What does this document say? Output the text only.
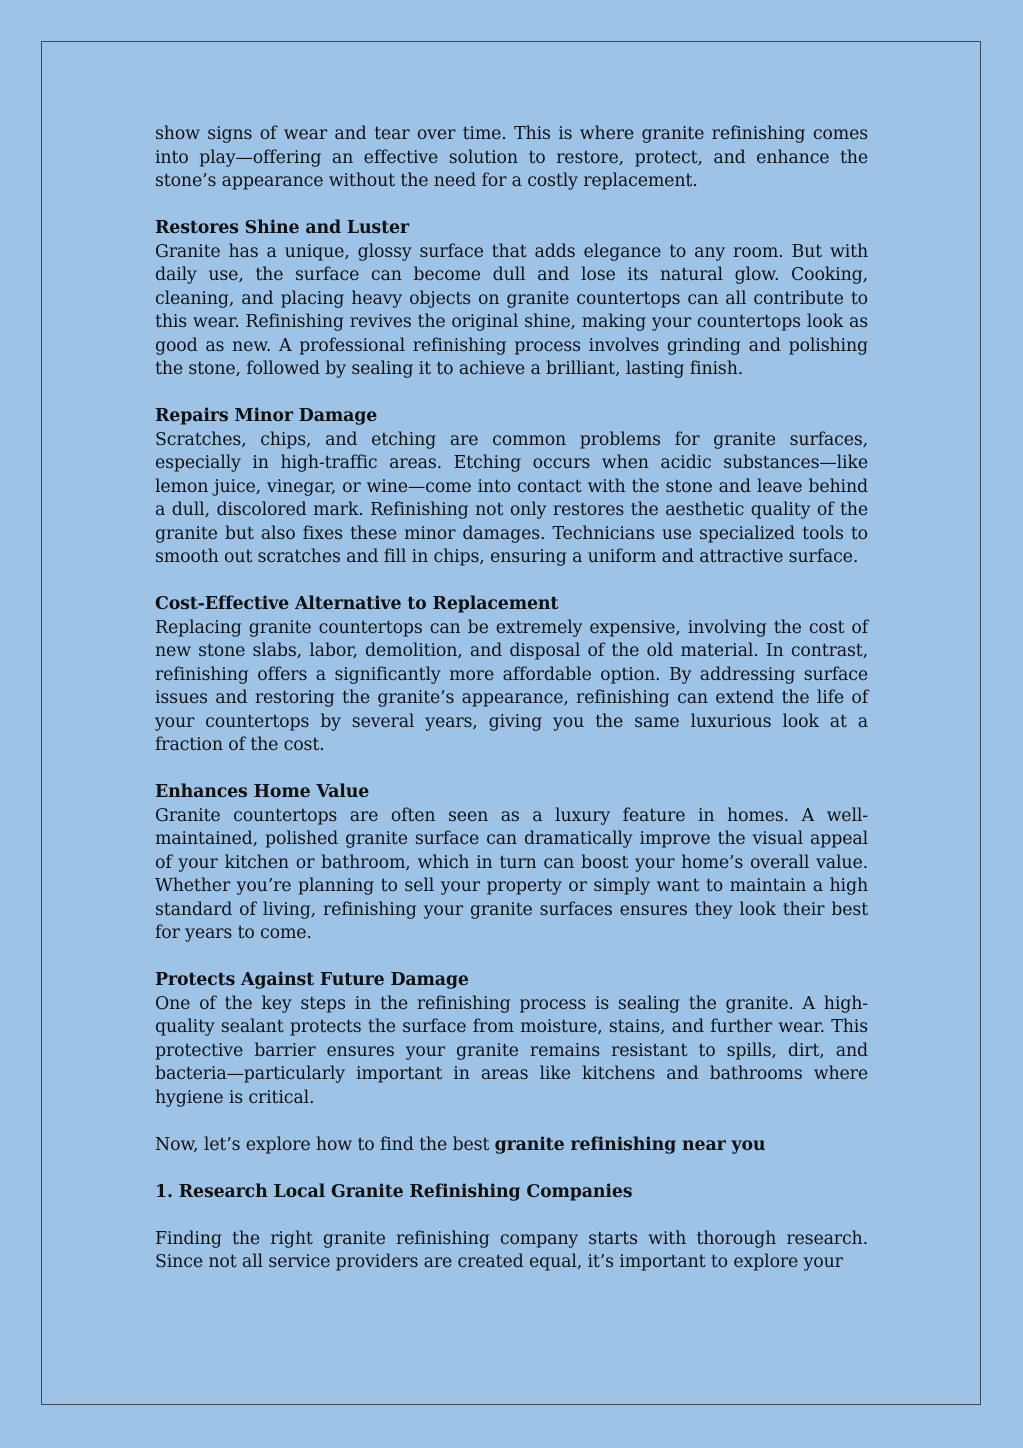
show signs of wear and tear over time. This is where granite refinishing comes into play—offering an effective solution to restore, protect, and enhance the stone’s appearance without the need for a costly replacement.

Restores Shine and Luster

Granite has a unique, glossy surface that adds elegance to any room. But with daily use, the surface can become dull and lose its natural glow. Cooking, cleaning, and placing heavy objects on granite countertops can all contribute to this wear. Refinishing revives the original shine, making your countertops look as good as new. A professional refinishing process involves grinding and polishing the stone, followed by sealing it to achieve a brilliant, lasting finish.

Repairs Minor Damage

Scratches, chips, and etching are common problems for granite surfaces, especially in high-traffic areas. Etching occurs when acidic substances—like lemon juice, vinegar, or wine—come into contact with the stone and leave behind a dull, discolored mark. Refinishing not only restores the aesthetic quality of the granite but also fixes these minor damages. Technicians use specialized tools to smooth out scratches and fill in chips, ensuring a uniform and attractive surface.

Cost-Effective Alternative to Replacement

Replacing granite countertops can be extremely expensive, involving the cost of new stone slabs, labor, demolition, and disposal of the old material. In contrast, refinishing offers a significantly more affordable option. By addressing surface issues and restoring the granite’s appearance, refinishing can extend the life of your countertops by several years, giving you the same luxurious look at a fraction of the cost.

Enhances Home Value

Granite countertops are often seen as a luxury feature in homes. A well-maintained, polished granite surface can dramatically improve the visual appeal of your kitchen or bathroom, which in turn can boost your home’s overall value. Whether you’re planning to sell your property or simply want to maintain a high standard of living, refinishing your granite surfaces ensures they look their best for years to come.

Protects Against Future Damage

One of the key steps in the refinishing process is sealing the granite. A high-quality sealant protects the surface from moisture, stains, and further wear. This protective barrier ensures your granite remains resistant to spills, dirt, and bacteria—particularly important in areas like kitchens and bathrooms where hygiene is critical.

Now, let’s explore how to find the best granite refinishing near you

1. Research Local Granite Refinishing Companies

Finding the right granite refinishing company starts with thorough research. Since not all service providers are created equal, it’s important to explore your
